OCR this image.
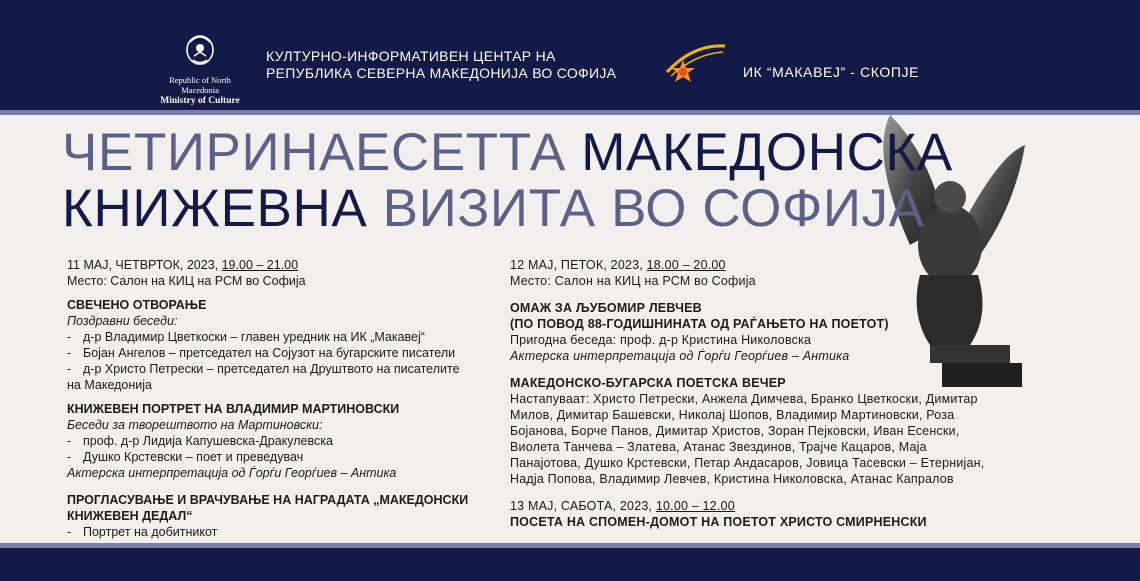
Republic of North Macedonia
Ministry of Culture
КУЛТУРНО-ИНФОРМАТИВЕН ЦЕНТАР НА
РЕПУБЛИКА СЕВЕРНА МАКЕДОНИЈА ВО СОФИЈА	ИК “МАКАВЕЈ” - СКОПЈЕ
ЧЕТИРИНАЕСЕТТА МАКЕДОНСКА
КНИЖЕВНА ВИЗИТА ВО СОФИЈА
11 МАЈ, ЧЕТВРТОК, 2023, 19.00 – 21.00
Место: Салон на КИЦ на РСМ во Софија
СВЕЧЕНО ОТВОРАЊЕ
Поздравни беседи:
- д-р Владимир Цветкоски – главен уредник на ИК „Макавеј“
- Бојан Ангелов – претседател на Сојузот на бугарските писатели
- д-р Христо Петрески – претседател на Друштвото на писателите
на Македонија
КНИЖЕВЕН ПОРТРЕТ НА ВЛАДИМИР МАРТИНОВСКИ
Беседи за творештвото на Мартиновски:
- проф. д-р Лидија Капушевска-Дракулевска
- Душко Крстевски – поет и преведувач
Актерска интерпретација од Ѓорѓи Георѓиев – Антика
ПРОГЛАСУВАЊЕ И ВРАЧУВАЊЕ НА НАГРАДАТА „МАКЕДОНСКИ
КНИЖЕВЕН ДЕДАЛ“
- Портрет на добитникот
12 МАЈ, ПЕТОК, 2023, 18.00 – 20.00
Место: Салон на КИЦ на РСМ во Софија
ОМАЖ ЗА ЉУБОМИР ЛЕВЧЕВ
(ПО ПОВОД 88-ГОДИШНИНАТА ОД РАЃАЊЕТО НА ПОЕТОТ)
Пригодна беседа: проф. д-р Кристина Николовска
Актерска интерпретација од Ѓорѓи Георѓиев – Антика
МАКЕДОНСКО-БУГАРСКА ПОЕТСКА ВЕЧЕР
Настапуваат: Христо Петрески, Анжела Димчева, Бранко Цветкоски, Димитар
Милов, Димитар Башевски, Николај Шопов, Владимир Мартиновски, Роза
Бојанова, Борче Панов, Димитар Христов, Зоран Пејковски, Иван Есенски,
Виолета Танчева – Златева, Атанас Звездинов, Трајче Кацаров, Маја
Панајотова, Душко Крстевски, Петар Андасаров, Јовица Тасевски – Етернијан,
Надја Попова, Владимир Левчев, Кристина Николовска, Атанас Капралов
13 МАЈ, САБОТА, 2023, 10.00 – 12.00
ПОСЕТА НА СПОМЕН-ДОМОТ НА ПОЕТОТ ХРИСТО СМИРНЕНСКИ
